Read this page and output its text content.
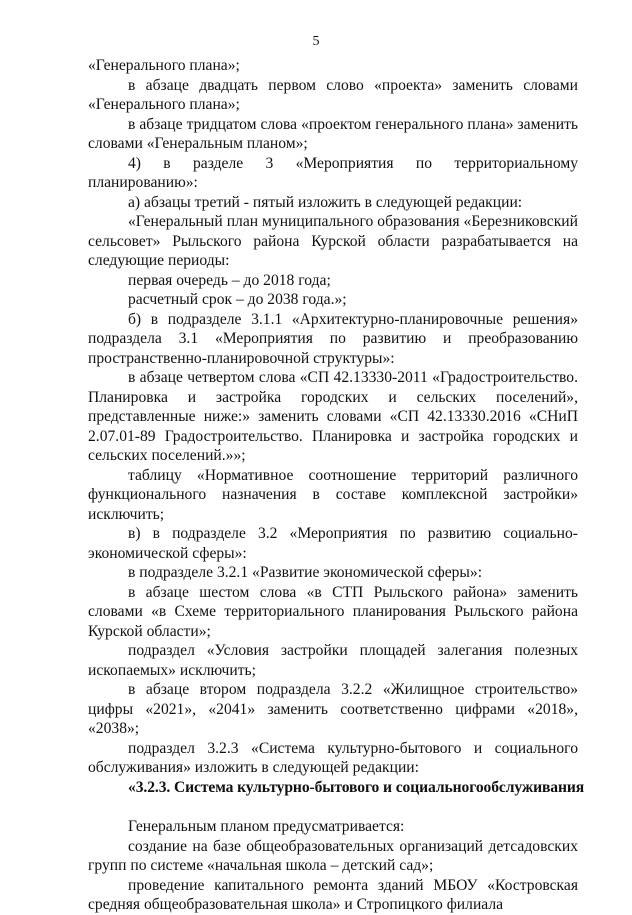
5

«Генерального плана»;

в абзаце двадцать первом слово «проекта» заменить словами «Генерального плана»;

в абзаце тридцатом слова «проектом генерального плана» заменить словами «Генеральным планом»;

4) в разделе 3 «Мероприятия по территориальному планированию»:

а) абзацы третий - пятый изложить в следующей редакции:

«Генеральный план муниципального образования «Березниковский сельсовет» Рыльского района Курской области разрабатывается на следующие периоды:

первая очередь – до 2018 года;

расчетный срок – до 2038 года.»;

б) в подразделе 3.1.1 «Архитектурно-планировочные решения» подраздела 3.1 «Мероприятия по развитию и преобразованию пространственно-планировочной структуры»:

в абзаце четвертом слова «СП 42.13330-2011 «Градостроительство. Планировка и застройка городских и сельских поселений», представленные ниже:» заменить словами «СП 42.13330.2016 «СНиП 2.07.01-89 Градостроительство. Планировка и застройка городских и сельских поселений.»»;

таблицу «Нормативное соотношение территорий различного функционального назначения в составе комплексной застройки» исключить;

в) в подразделе 3.2 «Мероприятия по развитию социально-экономической сферы»:

в подразделе 3.2.1 «Развитие экономической сферы»:

в абзаце шестом слова «в СТП Рыльского района» заменить словами «в Схеме территориального планирования Рыльского района Курской области»;

подраздел «Условия застройки площадей залегания полезных ископаемых» исключить;

в абзаце втором подраздела 3.2.2 «Жилищное строительство» цифры «2021», «2041» заменить соответственно цифрами «2018», «2038»;

подраздел 3.2.3 «Система культурно-бытового и социального обслуживания» изложить в следующей редакции:

«3.2.3. Система культурно-бытового и социальногообслуживания

Генеральным планом предусматривается:

создание на базе общеобразовательных организаций детсадовских групп по системе «начальная школа – детский сад»;

проведение капитального ремонта зданий МБОУ «Костровская средняя общеобразовательная школа» и Стропицкого филиала
